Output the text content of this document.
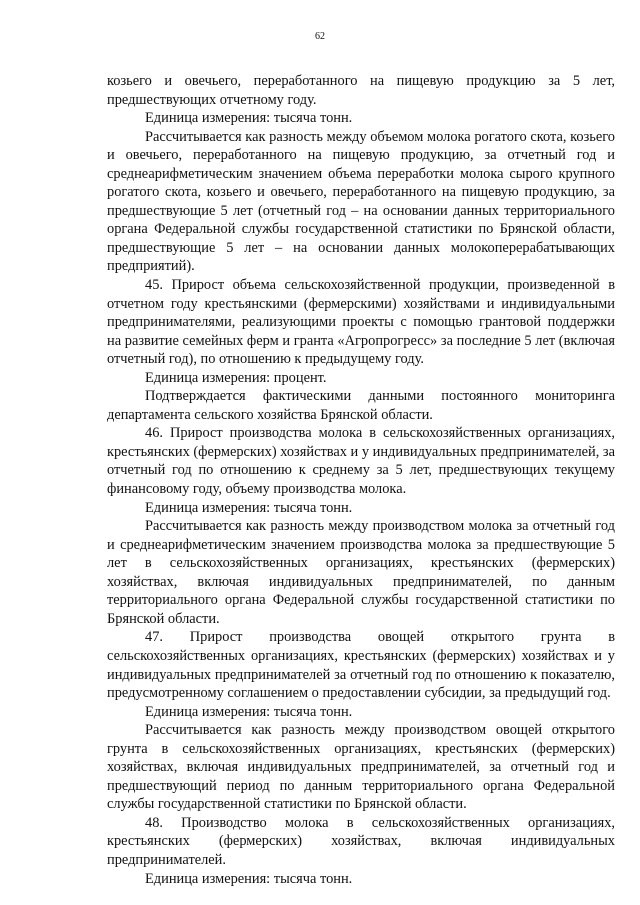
62

козьего и овечьего, переработанного на пищевую продукцию за 5 лет, предшествующих отчетному году.

Единица измерения: тысяча тонн.

Рассчитывается как разность между объемом молока рогатого скота, козьего и овечьего, переработанного на пищевую продукцию, за отчетный год и среднеарифметическим значением объема переработки молока сырого крупного рогатого скота, козьего и овечьего, переработанного на пищевую продукцию, за предшествующие 5 лет (отчетный год – на основании данных территориального органа Федеральной службы государственной статистики по Брянской области, предшествующие 5 лет – на основании данных молокоперерабатывающих предприятий).

45. Прирост объема сельскохозяйственной продукции, произведенной в отчетном году крестьянскими (фермерскими) хозяйствами и индивидуальными предпринимателями, реализующими проекты с помощью грантовой поддержки на развитие семейных ферм и гранта «Агропрогресс» за последние 5 лет (включая отчетный год), по отношению к предыдущему году.

Единица измерения: процент.

Подтверждается фактическими данными постоянного мониторинга департамента сельского хозяйства Брянской области.

46. Прирост производства молока в сельскохозяйственных организациях, крестьянских (фермерских) хозяйствах и у индивидуальных предпринимателей, за отчетный год по отношению к среднему за 5 лет, предшествующих текущему финансовому году, объему производства молока.

Единица измерения: тысяча тонн.

Рассчитывается как разность между производством молока за отчетный год и среднеарифметическим значением производства молока за предшествующие 5 лет в сельскохозяйственных организациях, крестьянских (фермерских) хозяйствах, включая индивидуальных предпринимателей, по данным территориального органа Федеральной службы государственной статистики по Брянской области.

47. Прирост производства овощей открытого грунта в сельскохозяйственных организациях, крестьянских (фермерских) хозяйствах и у индивидуальных предпринимателей за отчетный год по отношению к показателю, предусмотренному соглашением о предоставлении субсидии, за предыдущий год.

Единица измерения: тысяча тонн.

Рассчитывается как разность между производством овощей открытого грунта в сельскохозяйственных организациях, крестьянских (фермерских) хозяйствах, включая индивидуальных предпринимателей, за отчетный год и предшествующий период по данным территориального органа Федеральной службы государственной статистики по Брянской области.

48. Производство молока в сельскохозяйственных организациях, крестьянских (фермерских) хозяйствах, включая индивидуальных предпринимателей.

Единица измерения: тысяча тонн.
